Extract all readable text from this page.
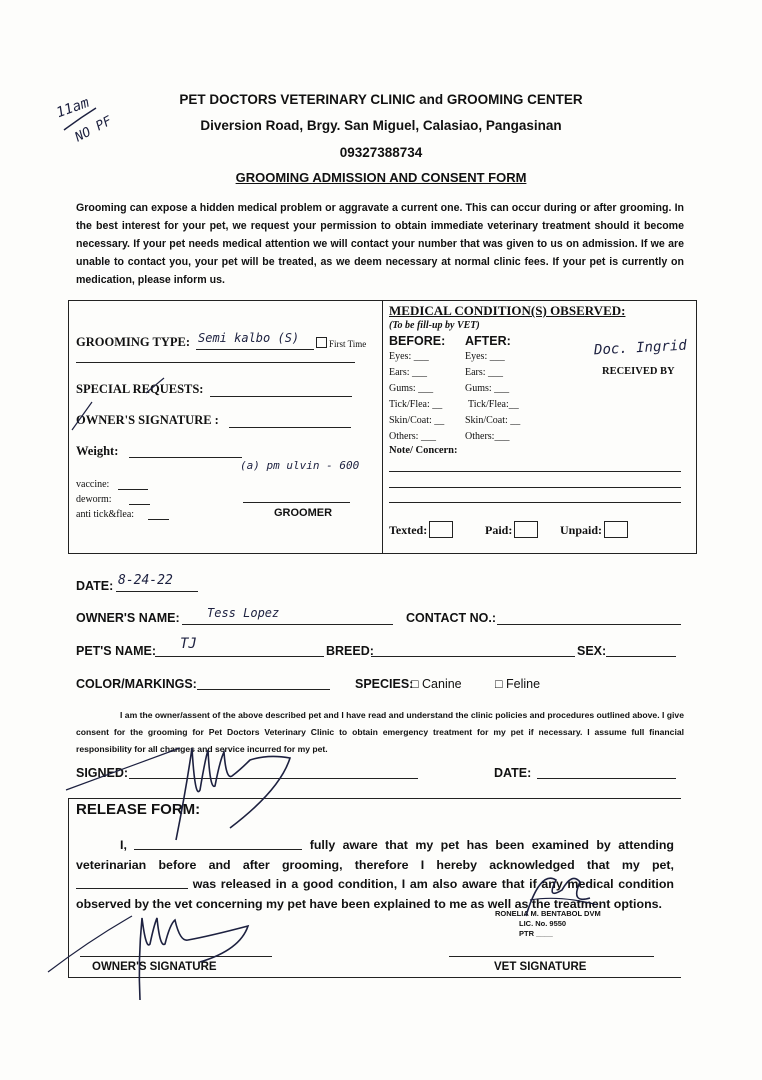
11am
NO PF
PET DOCTORS VETERINARY CLINIC and GROOMING CENTER
Diversion Road, Brgy. San Miguel, Calasiao, Pangasinan
09327388734
GROOMING ADMISSION AND CONSENT FORM
Grooming can expose a hidden medical problem or aggravate a current one. This can occur during or after grooming. In the best interest for your pet, we request your permission to obtain immediate veterinary treatment should it become necessary. If your pet needs medical attention we will contact your number that was given to us on admission. If we are unable to contact you, your pet will be treated, as we deem necessary at normal clinic fees. If your pet is currently on medication, please inform us.
GROOMING TYPE: Semi kalbo (S)	First Time
SPECIAL REQUESTS:
OWNER'S SIGNATURE :
Weight:
(a) pm ulvin - 600
vaccine:
deworm:
anti tick&flea:	GROOMER
MEDICAL CONDITION(S) OBSERVED:
(To be fill-up by VET)
BEFORE: AFTER:	Doc. Ingrid
RECEIVED BY
Eyes: ___	Eyes: ___
Ears: ___	Ears: ___
Gums: ___	Gums: ___
Tick/Flea: __	Tick/Flea:__
Skin/Coat: __ Skin/Coat: __
Others: ___	Others:___
Note/ Concern:
Texted:	Paid:	Unpaid:
DATE: 8-24-22
OWNER'S NAME: Tess Lopez	CONTACT NO.:
PET'S NAME: TJ	BREED:	SEX:
COLOR/MARKINGS:	SPECIES:
□ Canine	□ Feline
I am the owner/assent of the above described pet and I have read and understand the clinic policies and procedures outlined above. I give consent for the grooming for Pet Doctors Veterinary Clinic to obtain emergency treatment for my pet if necessary. I assume full financial responsibility for all changes and service incurred for my pet.
SIGNED:	DATE:
RELEASE FORM:
I,	fully aware that my pet has been examined by attending veterinarian before and after grooming, therefore I hereby acknowledged that my pet,  was released in a good condition, I am also aware that if any medical condition observed by the vet concerning my pet have been explained to me as well as the treatment options.
RONELIA M. BENTABOL DVM
LIC. No. 9550
PTR ____
OWNER'S SIGNATURE	VET SIGNATURE
